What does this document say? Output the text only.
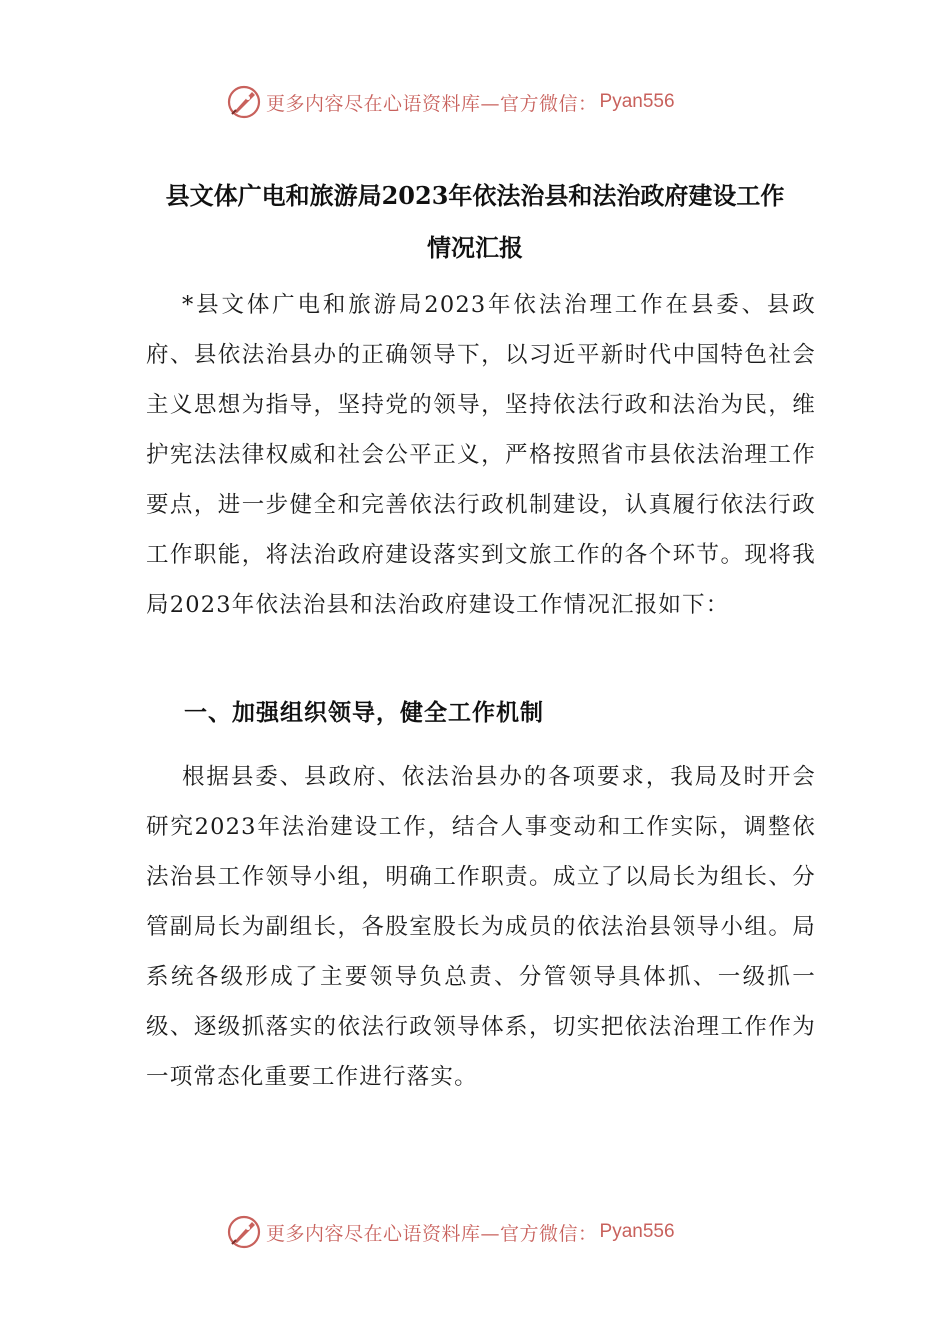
更多内容尽在心语资料库—官方微信： Pyan556
县文体广电和旅游局2023年依法治县和法治政府建设工作
情况汇报

*县文体广电和旅游局2023年依法治理工作在县委、县政府、县依法治县办的正确领导下，以习近平新时代中国特色社会主义思想为指导，坚持党的领导，坚持依法行政和法治为民，维护宪法法律权威和社会公平正义，严格按照省市县依法治理工作要点，进一步健全和完善依法行政机制建设，认真履行依法行政工作职能，将法治政府建设落实到文旅工作的各个环节。现将我局2023年依法治县和法治政府建设工作情况汇报如下：

一、加强组织领导，健全工作机制

根据县委、县政府、依法治县办的各项要求，我局及时开会研究2023年法治建设工作，结合人事变动和工作实际，调整依法治县工作领导小组，明确工作职责。成立了以局长为组长、分管副局长为副组长，各股室股长为成员的依法治县领导小组。局系统各级形成了主要领导负总责、分管领导具体抓、一级抓一级、逐级抓落实的依法行政领导体系，切实把依法治理工作作为一项常态化重要工作进行落实。

更多内容尽在心语资料库—官方微信： Pyan556
